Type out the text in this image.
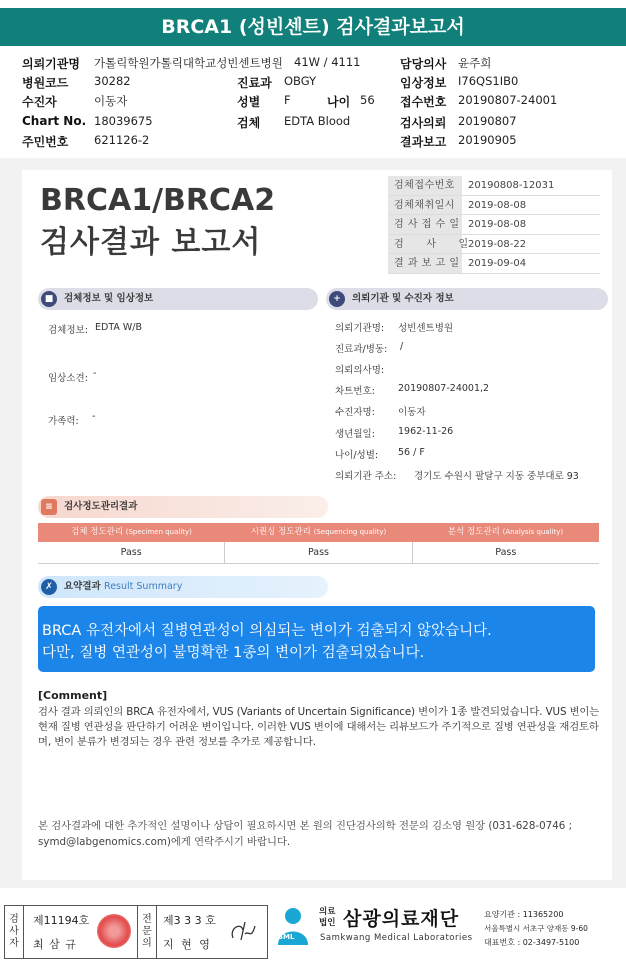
BRCA1 (성빈센트) 검사결과보고서
의뢰기관명 가톨릭학원가톨릭대학교성빈센트병원 41W / 4111	담당의사 윤주희
병원코드 30282	진료과 OBGY	임상정보 I76QS1IB0
수진자	이동자	성별 F	나이 56 접수번호 20190807-24001
Chart No. 18039675	검체 EDTA Blood	검사의뢰 20190807
주민번호 621126-2	결과보고 20190905
BRCA1/BRCA2
검사결과 보고서
검체접수번호	20190808-12031
검체채취일시	2019-08-08
검 사 접 수 일 2019-08-08
검      사      일 2019-08-22
결 과 보 고 일 2019-09-04
■	검체정보 및 임상정보
검체정보: EDTA W/B
임상소견: -
가족력: -
+	의뢰기관 및 수진자 정보
의뢰기관명: 성빈센트병원
진료과/병동: /
의뢰의사명:
차트번호: 20190807-24001,2
수진자명: 이동자
생년월일: 1962-11-26
나이/성별: 56 / F
의뢰기관 주소: 경기도 수원시 팔달구 지동 중부대로 93
≡	검사정도관리결과
검체 정도관리 (Specimen quality)	시퀀싱 정도관리 (Sequencing quality)	분석 정도관리 (Analysis quality)
Pass	Pass	Pass
✗	요약결과 Result Summary
BRCA 유전자에서 질병연관성이 의심되는 변이가 검출되지 않았습니다.
다만, 질병 연관성이 불명확한 1종의 변이가 검출되었습니다.
[Comment]
검사 결과 의뢰인의 BRCA 유전자에서, VUS (Variants of Uncertain Significance) 변이가 1종 발견되었습니다. VUS 변이는 현재 질병 연관성을 판단하기 어려운 변이입니다. 이러한 VUS 변이에 대해서는 리뷰보드가 주기적으로 질병 연관성을 재검토하며, 변이 분류가 변경되는 경우 관련 정보를 추가로 제공합니다.
본 검사결과에 대한 추가적인 설명이나 상담이 필요하시면 본 원의 진단검사의학 전문의 김소영 원장 (031-628-0746 ; symd@labgenomics.com)에게 연락주시기 바랍니다.
검사자
제11194호
최 삼 규
전문의
제3 3 3 호
지 현 영
SML
의료법인 삼광의료재단
Samkwang Medical Laboratories
요양기관 : 11365200
서울특별시 서초구 양재동 9-60
대표번호 : 02-3497-5100
